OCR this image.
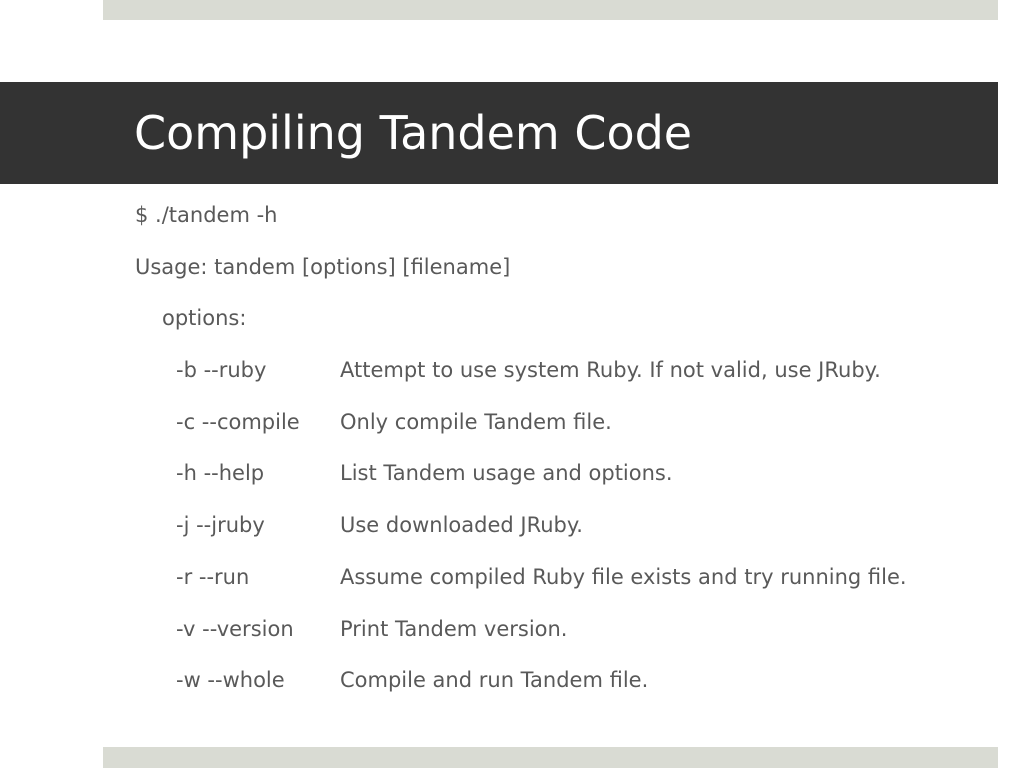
Compiling Tandem Code
$ ./tandem -h
Usage: tandem [options] [filename]
options:
-b --ruby	Attempt to use system Ruby. If not valid, use JRuby.
-c --compile Only compile Tandem file.
-h --help	List Tandem usage and options.
-j --jruby	Use downloaded JRuby.
-r --run	Assume compiled Ruby file exists and try running file.
-v --version Print Tandem version.
-w --whole	Compile and run Tandem file.
